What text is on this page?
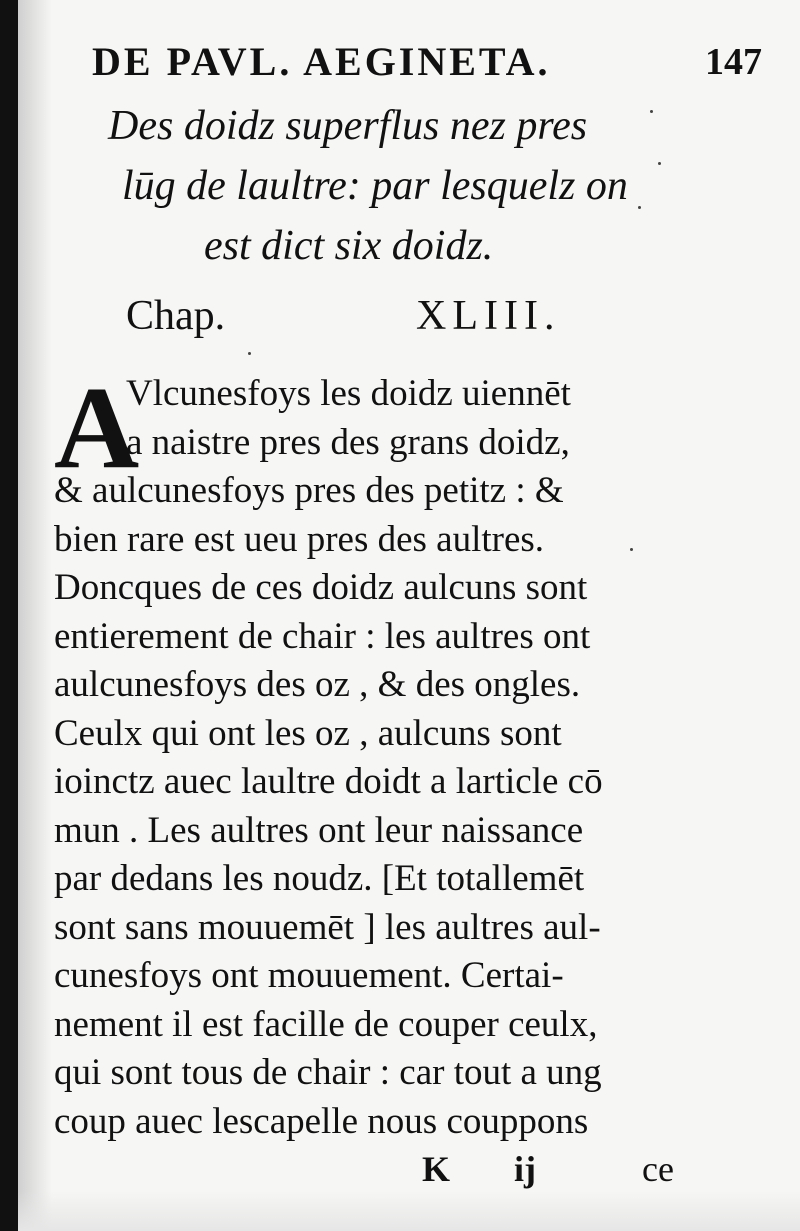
DE PAVL. AEGINETA.	147
Des doidz superflus nez pres
lūg de laultre: par lesquelz on
est dict six doidz.
Chap.	XLIII.
A
Vlcunesfoys les doidz uiennēt
a naistre pres des grans doidz,
& aulcunesfoys pres des petitz : &
bien rare est ueu pres des aultres.
Doncques de ces doidz aulcuns sont
entierement de chair : les aultres ont
aulcunesfoys des oz , & des ongles.
Ceulx qui ont les oz , aulcuns sont
ioinctz auec laultre doidt a larticle cō
mun . Les aultres ont leur naissance
par dedans les noudz. [Et totallemēt
sont sans mouuemēt ] les aultres aul-
cunesfoys ont mouuement. Certai-
nement il est facille de couper ceulx,
qui sont tous de chair : car tout a ung
coup auec lescapelle nous couppons
K ij	ce
